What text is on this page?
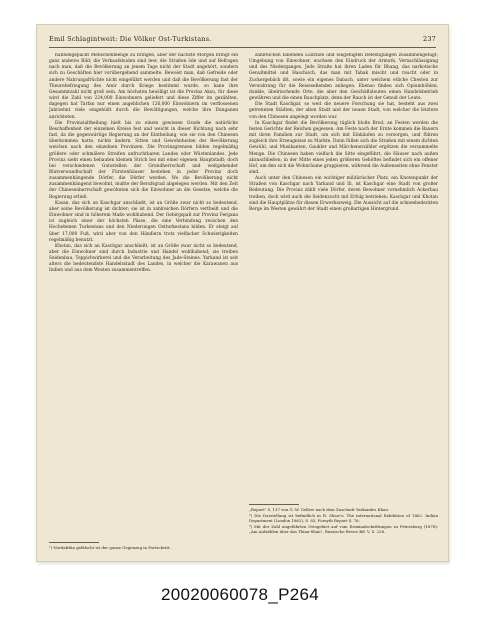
Emil Schlagintweit: Die Völker Ost-Turkistans.	237

hunnengepackt Menschenmenge zu bringen, aber der nächste Morgen bringt ein ganz anderes Bild; die Verkaufsbuden sind leer, die Straßen öde und auf Befragen nach man, daß die Bevölkerung an jenem Tage nicht der Stadt angehört, sondern sich zu Geschäften hier vorübergehend sammelte. Beweist man, daß Gefreide oder andere Nahrungsfrüchte nicht eingeführt werden und daß die Bevölkerung fast der Theurebefriegung des Amir durch Kriege bestimmt wurde, so kann ihre Gesammtzahl nicht groß sein. Am höchsten bewilligt ist die Provinz Aksu, für diese wird die Zahl von 224,000 Einwohnern geliefert und diese Ziffer im gezählten, dagegen hat Tarfan nur einen angeblichen 126,000 Einwohnern im verflossenen Jahrzehnt viele eingebüßt durch die Bewältigungen, welche ihre Dunganen anrichteten.

Die Provinzialtheilung hielt bis zu einem gewissen Grade die natürliche Beschaffenheit der einzelnen Kreise fest und weicht in dieser Richtung nach sehr fast, da die gegenwärtige Regierung an der Eintheilung, wie sie von den Chinesen überkommen hatte, nichts ändern. Sitten und Gewohnheiten der Bevölkerung weichen nach den einzelnen Provinzen. Die Provinzgrenzen bilden regelmäßig größere oder schmälere Streifen unfruchtbaren Landes oder Wüstenlandes. Jede Provinz sieht einen bebauten kleinen Strich bei mit einer eigenen Hauptstadt; doch bei verschiedenen Gutsstellen der Grundherrschaft und weitgehender Blutverwandtschaft der Fürstenhäuser bestehen in jeder Provinz doch zusammenhängende Dörfer, die Dörfer werden. Wo die Bevölkerung nicht zusammenhängend bewohnt, mußte der Berufsgrad abgelegen werden. Mit den Zeit der Chinesenherrschaft gewöhnten sich die Einwohner an die Gesetze, welche die Regierung erließ.

Kasan, das sich an Kaschgar anschließt, ist an Größe zwar nicht so bedeutend, aber seine Bevölkerung ist dichter; sie ist in zahlreichen Dörfern vertheilt und die Einwohner sind in höherem Maße wohlhabend. Der Gebirgspaß zur Provinz Fergana ist zugleich einer der höchsten Pässe, die eine Verbindung zwischen den Hochebenen Turkestans und den Niederungen Ostturkestans bilden. Er steigt auf über 17,000 Fuß, wird aber von den Händlern trotz vielfacher Schwierigkeiten regelmäßig benutzt.

Khotan, das sich an Kaschgar anschließt, ist an Größe zwar nicht so bedeutend, aber die Einwohner sind durch Industrie und Handel wohlhabend; sie treiben Seidenbau, Teppichwirkerei und die Verarbeitung des Jade-Steines. Yarkand ist seit alters die bedeutendste Handelsstadt des Landes, in welcher die Karawanen aus Indien und aus dem Westen zusammentreffen.

zahlreichen fallenden Lüdchen und eingefügten Befestigungen zusammengefügt; Umgebung von Einwohner, wachsen den Eindruck der Armuth, Vernachlässigung und des Niederganges. Jede Straße hat ihren Laden für Bhang, das narkotische Genußmittel und Haschisch, das man mit Tabak mischt und raucht oder in Zuckergebäck ißt, sowie ein eigenes Dabach, unter welchem etliche Chesten zur Verwahrung für die Reiseseßenden anliegen. Ebenso finden sich Opiumhöhlen, dunkle, übelriechende Orte, die aber den Geschäftsleuten einen Handelsbetrieb gewähren und die einen Rauchplatz, denn der Rauch ist der Genuß der Leute.

Die Stadt Kaschgar, so weit die neuere Forschung sie hat, besteht aus zwei getrennten Städten, der alten Stadt und der neuen Stadt, von welcher die letztere von den Chinesen angelegt worden war.

In Kaschgar findet die Bevölkerung täglich bloße Brod; an Festen werden die festen Gerichte der Reichen gegessen. Am Feste nach der Ernte kommen die Bauern mit ihren Familien zur Stadt, um sich mit Einkäufen zu versorgen, und führen zugleich ihre Erzeugnisse zu Markte. Dann füllen sich die Straßen mit einem dichten Gewühl, und Musikanten, Gaukler und Märchenerzähler ergötzen die versammelte Menge. Die Chinesen haben vielfach die Sitte eingeführt, die Häuser nach außen abzuschließen; in der Mitte eines jeden größeren Gehöftes befindet sich ein offener Hof, um den sich die Wohnräume gruppieren, während die Außenseiten ohne Fenster sind.

Auch unter den Chinesen ein wichtiger militärischer Platz, ein Knotenpunkt der Straßen von Kaschgar nach Yarkand und Ili, ist Kaschgar eine Stadt von großer Bedeutung. Die Provinz zählt viele Dörfer, deren Bewohner vornehmlich Ackerbau treiben, doch wird auch die Seidenzucht mit Erfolg betrieben; Kaschgar und Khotan sind die Hauptplätze für diesen Erwerbszweig. Die Aussicht auf die schneebedeckten Berge im Westen gewährt der Stadt einen großartigen Hintergrund.

¹) Nordafrika gefälscht ist der ganze Gegenzug in Fortschritt.
„Report" S. 137 von G. W. Gellew nach dem Zuschnitt Yarkandes Khan.
²) Die Darstellung ist befindlich in R. Shaw's: The international Exhibition of 1862. Indian Department (London 1862), S. 83, Forsyth Report S. 76.
³) Mit der Zahl angeführten Ortsgebiet auf vom Eriminalschriftungen zu Petersburg (1878): „Am Aufzählen über das Thian-Shan", Russische Revue Bd. V, S. 228.
20020060078_P264
